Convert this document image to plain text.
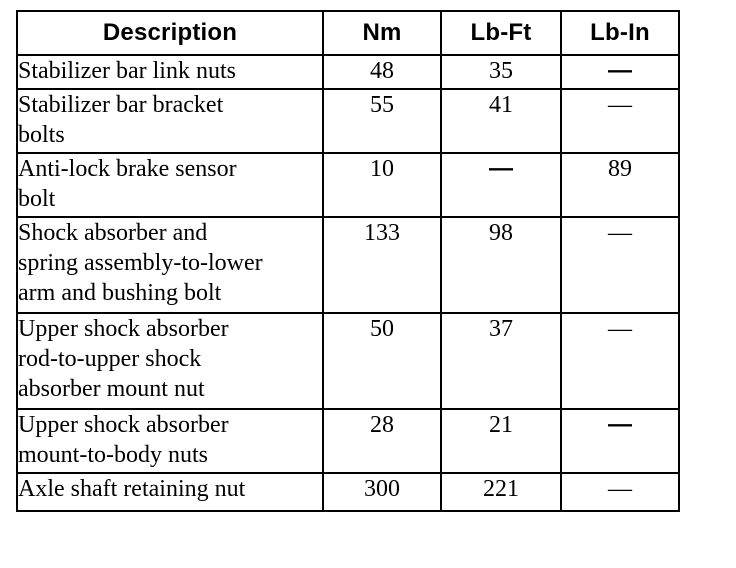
Description	Nm	Lb-Ft	Lb-In
Stabilizer bar link nuts	48	35	—
Stabilizer bar bracket
bolts	55	41	—
Anti-lock brake sensor
bolt	10	—	89
Shock absorber and
spring assembly-to-lower
arm and bushing bolt	133	98	—
Upper shock absorber
rod-to-upper shock
absorber mount nut	50	37	—
Upper shock absorber
mount-to-body nuts	28	21	—
Axle shaft retaining nut	300	221	—
